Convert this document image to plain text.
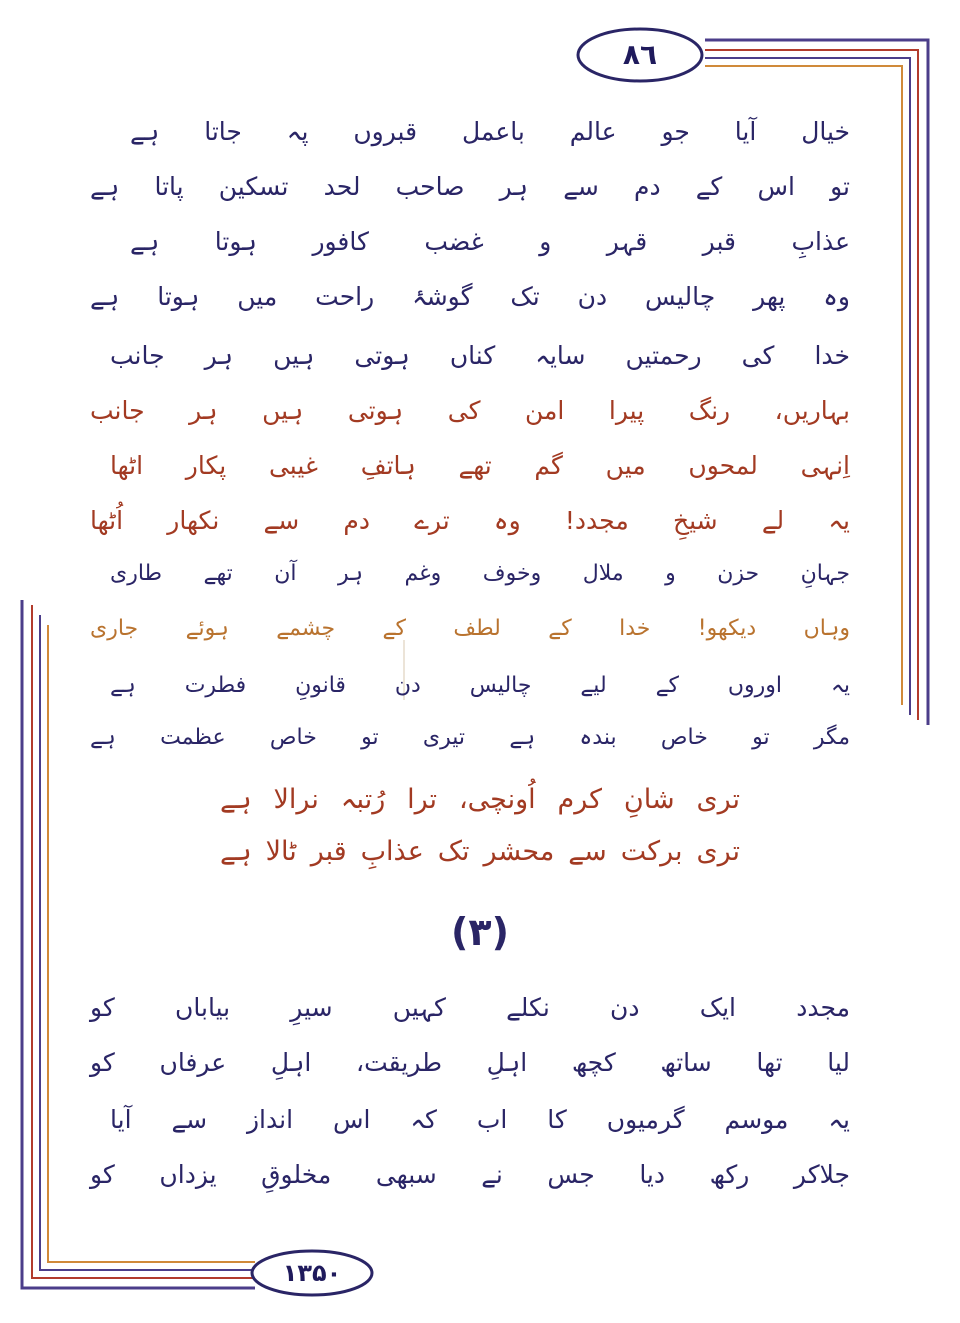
٨٦
۱۳۵۰
خیال آیا جو عالم باعمل قبروں پہ جاتا ہے
تو اس کے دم سے ہر صاحب لحد تسکین پاتا ہے
عذابِ قبر قہر و غضب کافور ہوتا ہے
وہ پھر چالیس دن تک گوشۂ راحت میں ہوتا ہے
خدا کی رحمتیں سایہ کناں ہوتی ہیں ہر جانب
بہاریں، رنگ پیرا امن کی ہوتی ہیں ہر جانب
اِنہی لمحوں میں گم تھے ہاتفِ غیبی پکار اٹھا
یہ لے شیخِ مجدد! وہ ترے دم سے نکھار اُٹھا
جہانِ حزن و ملال وخوف وغم ہر آن تھے طاری
وہاں دیکھو! خدا کے لطف کے چشمے ہوئے جاری
یہ اوروں کے لیے چالیس دن قانونِ فطرت ہے
مگر تو خاص بندہ ہے تیری تو خاص عظمت ہے
تری شانِ کرم اُونچی، ترا رُتبہ نرالا ہے
تری برکت سے محشر تک عذابِ قبر ٹالا ہے
(٣)
مجدد ایک دن نکلے کہیں سیرِ بیاباں کو
لیا تھا ساتھ کچھ اہلِ طریقت، اہلِ عرفاں کو
یہ موسم گرمیوں کا اب کہ اس انداز سے آیا
جلاکر رکھ دیا جس نے سبھی مخلوقِ یزداں کو
